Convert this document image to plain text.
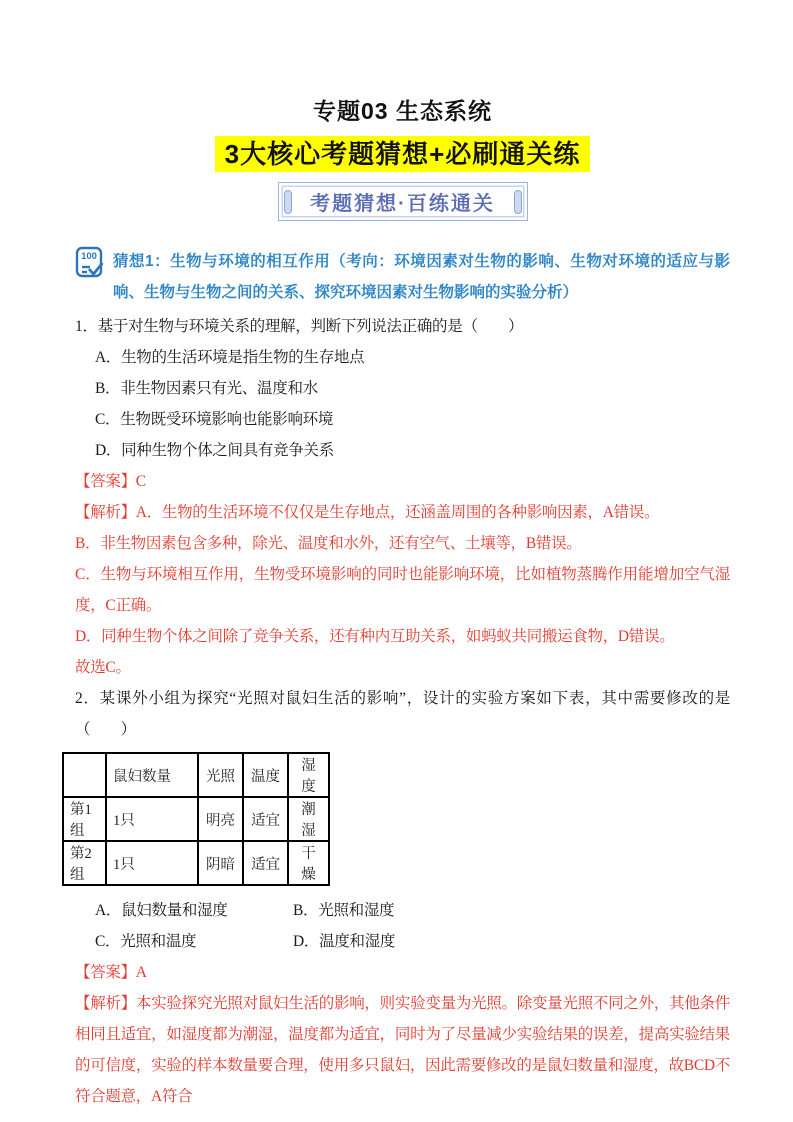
专题03 生态系统
3大核心考题猜想+必刷通关练
考题猜想·百练通关
100 猜想1：生物与环境的相互作用（考向：环境因素对生物的影响、生物对环境的适应与影响、生物与生物之间的关系、探究环境因素对生物影响的实验分析）

1．基于对生物与环境关系的理解，判断下列说法正确的是（　　）

A．生物的生活环境是指生物的生存地点

B．非生物因素只有光、温度和水

C．生物既受环境影响也能影响环境

D．同种生物个体之间具有竞争关系

【答案】C

【解析】A．生物的生活环境不仅仅是生存地点，还涵盖周围的各种影响因素，A错误。

B．非生物因素包含多种，除光、温度和水外，还有空气、土壤等，B错误。

C．生物与环境相互作用，生物受环境影响的同时也能影响环境，比如植物蒸腾作用能增加空气湿度，C正确。

D．同种生物个体之间除了竞争关系，还有种内互助关系，如蚂蚁共同搬运食物，D错误。

故选C。

2．某课外小组为探究“光照对鼠妇生活的影响”，设计的实验方案如下表，其中需要修改的是（　　）

	鼠妇数量	光照	温度	湿度
第1组	1只	明亮	适宜	潮湿
第2组	1只	阴暗	适宜	干燥
A．鼠妇数量和湿度	B．光照和湿度
C．光照和温度	D．温度和湿度

【答案】A

【解析】本实验探究光照对鼠妇生活的影响，则实验变量为光照。除变量光照不同之外，其他条件相同且适宜，如湿度都为潮湿，温度都为适宜，同时为了尽量减少实验结果的误差，提高实验结果的可信度，实验的样本数量要合理，使用多只鼠妇，因此需要修改的是鼠妇数量和湿度，故BCD不符合题意，A符合
